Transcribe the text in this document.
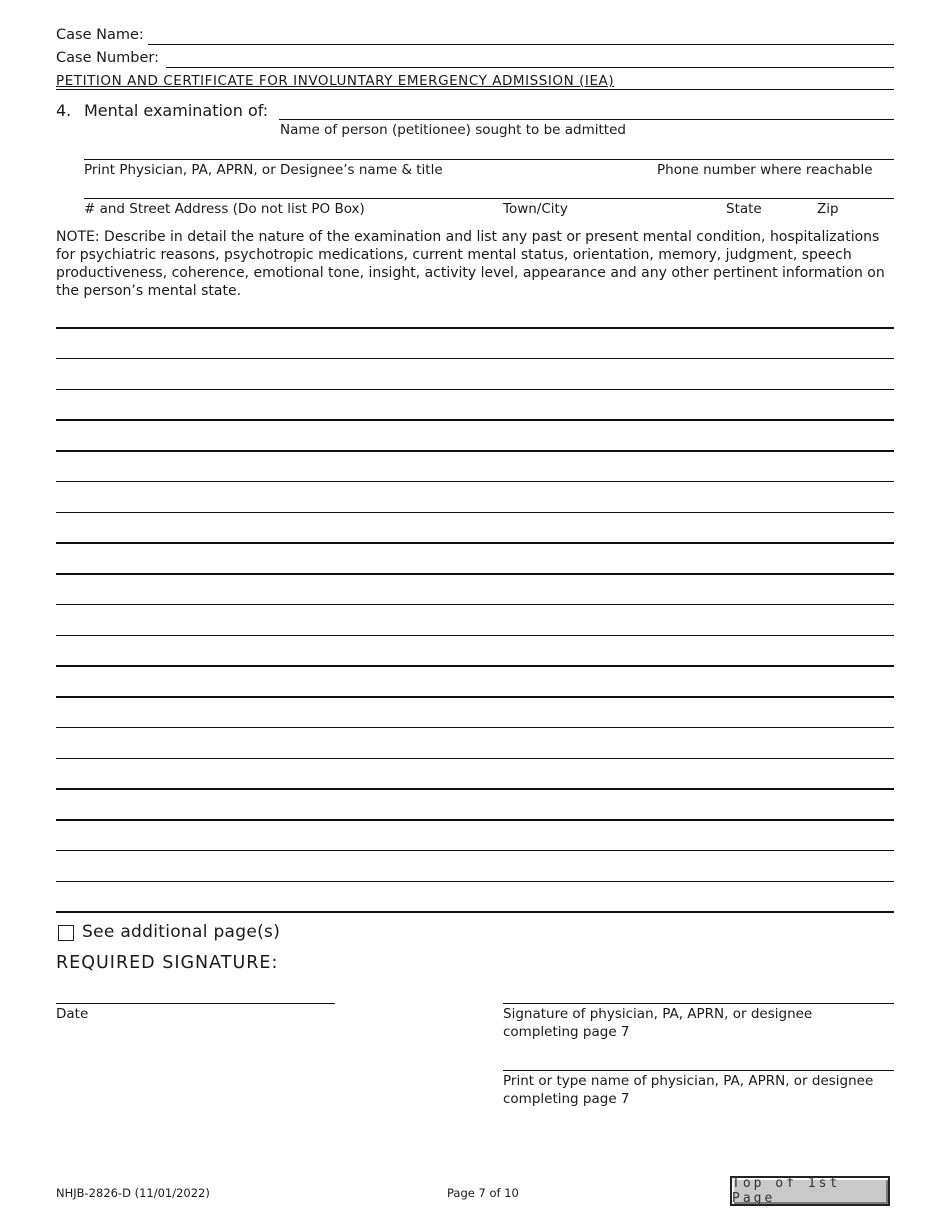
Case Name:
Case Number:
PETITION AND CERTIFICATE FOR INVOLUNTARY EMERGENCY ADMISSION (IEA)
4. Mental examination of:
Name of person (petitionee) sought to be admitted
Print Physician, PA, APRN, or Designee’s name & title	Phone number where reachable
# and Street Address (Do not list PO Box)	Town/City	State	Zip
NOTE: Describe in detail the nature of the examination and list any past or present mental condition, hospitalizations for psychiatric reasons, psychotropic medications, current mental status, orientation, memory, judgment, speech productiveness, coherence, emotional tone, insight, activity level, appearance and any other pertinent information on the person’s mental state.
See additional page(s)
REQUIRED SIGNATURE:
Date	Signature of physician, PA, APRN, or designee
completing page 7
Print or type name of physician, PA, APRN, or designee
completing page 7
NHJB-2826-D (11/01/2022)	Page 7 of 10
Top of 1st Page
